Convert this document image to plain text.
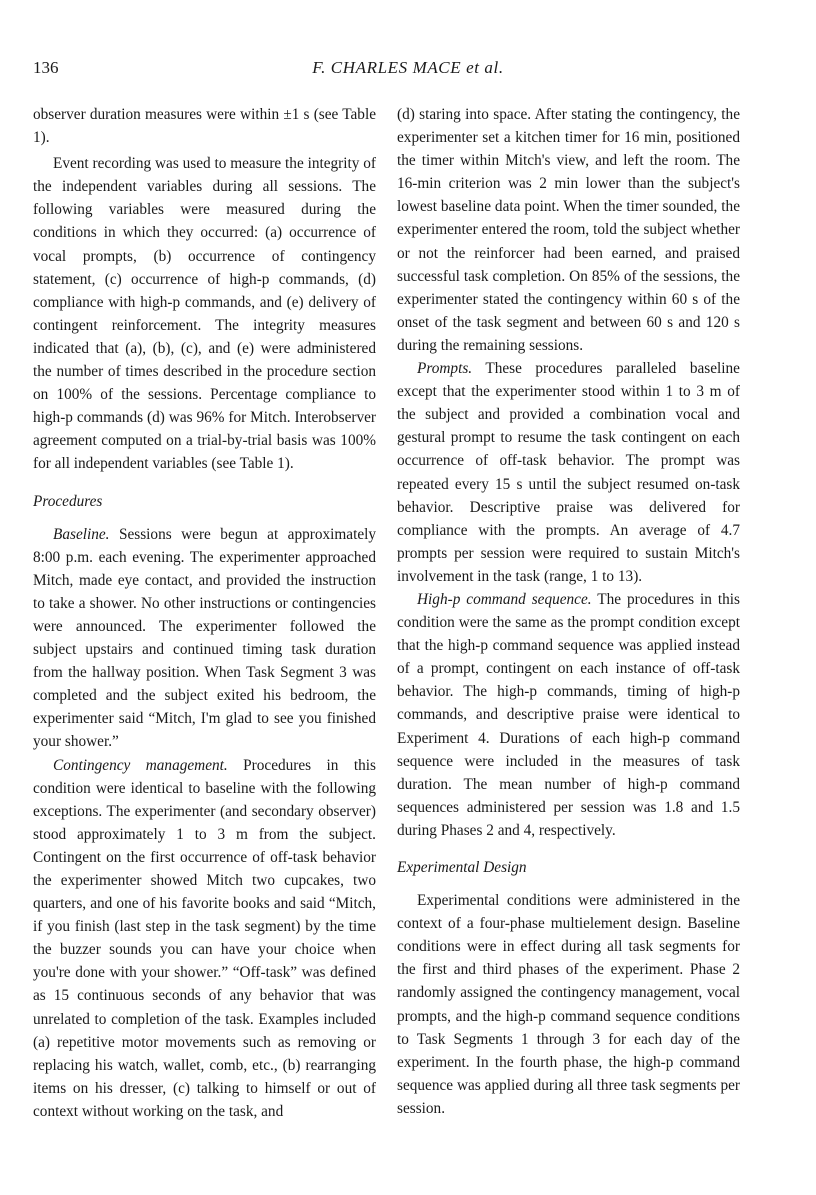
136	F. CHARLES MACE et al.

observer duration measures were within ±1 s (see Table 1).

Event recording was used to measure the integrity of the independent variables during all sessions. The following variables were measured during the conditions in which they occurred: (a) occurrence of vocal prompts, (b) occurrence of contingency statement, (c) occurrence of high-p commands, (d) compliance with high-p commands, and (e) delivery of contingent reinforcement. The integrity measures indicated that (a), (b), (c), and (e) were administered the number of times described in the procedure section on 100% of the sessions. Percentage compliance to high-p commands (d) was 96% for Mitch. Interobserver agreement computed on a trial-by-trial basis was 100% for all independent variables (see Table 1).

Procedures

Baseline. Sessions were begun at approximately 8:00 p.m. each evening. The experimenter approached Mitch, made eye contact, and provided the instruction to take a shower. No other instructions or contingencies were announced. The experimenter followed the subject upstairs and continued timing task duration from the hallway position. When Task Segment 3 was completed and the subject exited his bedroom, the experimenter said “Mitch, I'm glad to see you finished your shower.”

Contingency management. Procedures in this condition were identical to baseline with the following exceptions. The experimenter (and secondary observer) stood approximately 1 to 3 m from the subject. Contingent on the first occurrence of off-task behavior the experimenter showed Mitch two cupcakes, two quarters, and one of his favorite books and said “Mitch, if you finish (last step in the task segment) by the time the buzzer sounds you can have your choice when you're done with your shower.” “Off-task” was defined as 15 continuous seconds of any behavior that was unrelated to completion of the task. Examples included (a) repetitive motor movements such as removing or replacing his watch, wallet, comb, etc., (b) rearranging items on his dresser, (c) talking to himself or out of context without working on the task, and

(d) staring into space. After stating the contingency, the experimenter set a kitchen timer for 16 min, positioned the timer within Mitch's view, and left the room. The 16-min criterion was 2 min lower than the subject's lowest baseline data point. When the timer sounded, the experimenter entered the room, told the subject whether or not the reinforcer had been earned, and praised successful task completion. On 85% of the sessions, the experimenter stated the contingency within 60 s of the onset of the task segment and between 60 s and 120 s during the remaining sessions.

Prompts. These procedures paralleled baseline except that the experimenter stood within 1 to 3 m of the subject and provided a combination vocal and gestural prompt to resume the task contingent on each occurrence of off-task behavior. The prompt was repeated every 15 s until the subject resumed on-task behavior. Descriptive praise was delivered for compliance with the prompts. An average of 4.7 prompts per session were required to sustain Mitch's involvement in the task (range, 1 to 13).

High-p command sequence. The procedures in this condition were the same as the prompt condition except that the high-p command sequence was applied instead of a prompt, contingent on each instance of off-task behavior. The high-p commands, timing of high-p commands, and descriptive praise were identical to Experiment 4. Durations of each high-p command sequence were included in the measures of task duration. The mean number of high-p command sequences administered per session was 1.8 and 1.5 during Phases 2 and 4, respectively.

Experimental Design

Experimental conditions were administered in the context of a four-phase multielement design. Baseline conditions were in effect during all task segments for the first and third phases of the experiment. Phase 2 randomly assigned the contingency management, vocal prompts, and the high-p command sequence conditions to Task Segments 1 through 3 for each day of the experiment. In the fourth phase, the high-p command sequence was applied during all three task segments per session.
